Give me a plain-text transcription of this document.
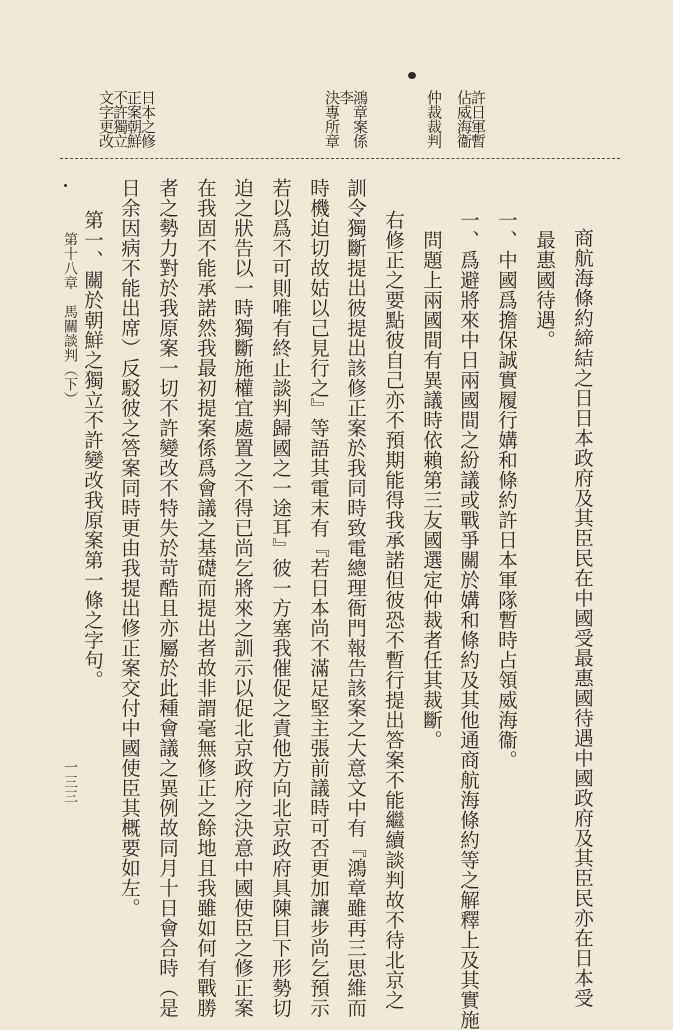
許日軍暫
佔威海衞
仲裁裁判
鴻章案係李
決專所章
日本之修
正案朝鮮
不許獨立
文字更改
商航海條約締結之日日本政府及其臣民在中國受最惠國待遇中國政府及其臣民亦在日本受
　最惠國待遇。
一、中國爲擔保誠實履行媾和條約許日本軍隊暫時占領威海衞。
一、爲避將來中日兩國間之紛議或戰爭關於媾和條約及其他通商航海條約等之解釋上及其實施
　問題上兩國間有異議時依賴第三友國選定仲裁者任其裁斷。
　右修正之要點彼自己亦不預期能得我承諾但彼恐不暫行提出答案不能繼續談判故不待北京之
訓令獨斷提出彼提出該修正案於我同時致電總理衙門報告該案之大意文中有『鴻章雖再三思維而
時機迫切故姑以己見行之』等語其電末有『若日本尚不滿足堅主張前議時可否更加讓步尚乞預示
若以爲不可則唯有終止談判歸國之一途耳』彼一方塞我催促之責他方向北京政府具陳目下形勢切
迫之狀告以一時獨斷施權宜處置之不得已尚乞將來之訓示以促北京政府之決意中國使臣之修正案
在我固不能承諾然我最初提案係爲會議之基礎而提出者故非謂毫無修正之餘地且我雖如何有戰勝
者之勢力對於我原案一切不許變改不特失於苛酷且亦屬於此種會議之異例故同月十日會合時（是
日余因病不能出席）反駁彼之答案同時更由我提出修正案交付中國使臣其概要如左。
　第一、關於朝鮮之獨立不許變改我原案第一條之字句。
第十八章　馬關談判（下）
一三三
